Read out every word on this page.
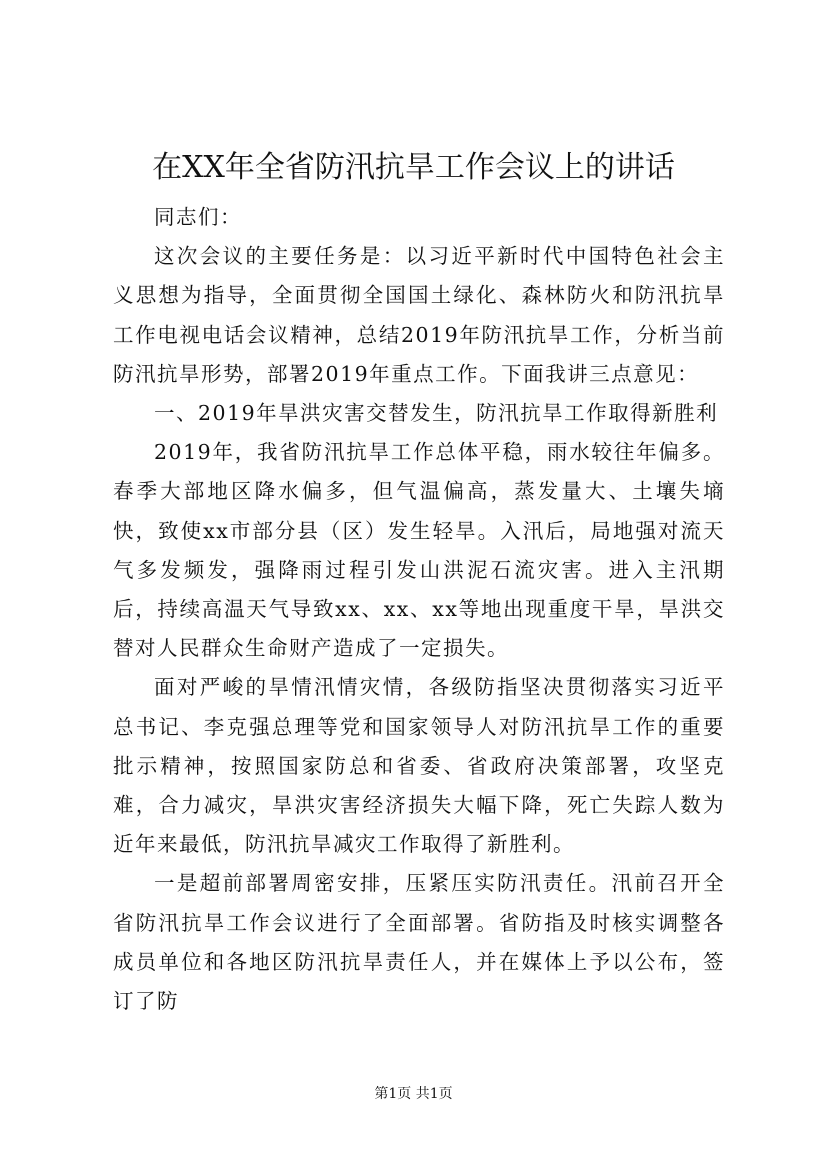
在XX年全省防汛抗旱工作会议上的讲话

同志们：

这次会议的主要任务是：以习近平新时代中国特色社会主义思想为指导，全面贯彻全国国土绿化、森林防火和防汛抗旱工作电视电话会议精神，总结2019年防汛抗旱工作，分析当前防汛抗旱形势，部署2019年重点工作。下面我讲三点意见：

一、2019年旱洪灾害交替发生，防汛抗旱工作取得新胜利

2019年，我省防汛抗旱工作总体平稳，雨水较往年偏多。春季大部地区降水偏多，但气温偏高，蒸发量大、土壤失墒快，致使xx市部分县（区）发生轻旱。入汛后，局地强对流天气多发频发，强降雨过程引发山洪泥石流灾害。进入主汛期后，持续高温天气导致xx、xx、xx等地出现重度干旱，旱洪交替对人民群众生命财产造成了一定损失。

面对严峻的旱情汛情灾情，各级防指坚决贯彻落实习近平总书记、李克强总理等党和国家领导人对防汛抗旱工作的重要批示精神，按照国家防总和省委、省政府决策部署，攻坚克难，合力减灾，旱洪灾害经济损失大幅下降，死亡失踪人数为近年来最低，防汛抗旱减灾工作取得了新胜利。

一是超前部署周密安排，压紧压实防汛责任。汛前召开全省防汛抗旱工作会议进行了全面部署。省防指及时核实调整各成员单位和各地区防汛抗旱责任人，并在媒体上予以公布，签订了防

第1页 共1页
